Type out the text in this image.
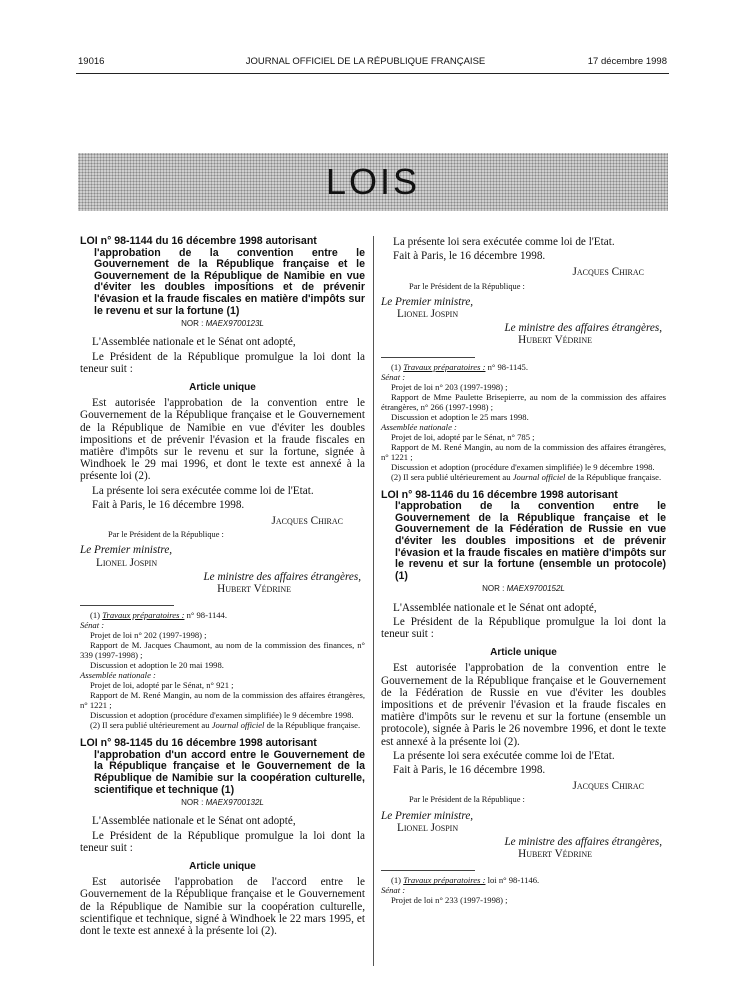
19016	JOURNAL OFFICIEL DE LA RÉPUBLIQUE FRANÇAISE	17 décembre 1998
LOIS

LOI n° 98-1144 du 16 décembre 1998 autorisant
l'approbation de la convention entre le Gouvernement de la République française et le Gouvernement de la République de Namibie en vue d'éviter les doubles impositions et de prévenir l'évasion et la fraude fiscales en matière d'impôts sur le revenu et sur la fortune (1)

NOR : MAEX9700123L

L'Assemblée nationale et le Sénat ont adopté,

Le Président de la République promulgue la loi dont la teneur suit :

Article unique

Est autorisée l'approbation de la convention entre le Gouvernement de la République française et le Gouvernement de la République de Namibie en vue d'éviter les doubles impositions et de prévenir l'évasion et la fraude fiscales en matière d'impôts sur le revenu et sur la fortune, signée à Windhoek le 29 mai 1996, et dont le texte est annexé à la présente loi (2).

La présente loi sera exécutée comme loi de l'Etat.

Fait à Paris, le 16 décembre 1998.

Jacques Chirac

Par le Président de la République :

Le Premier ministre,

Lionel Jospin

Le ministre des affaires étrangères,

Hubert Védrine

(1) Travaux préparatoires : n° 98-1144.
Sénat :
Projet de loi n° 202 (1997-1998) ;
Rapport de M. Jacques Chaumont, au nom de la commission des finances, n° 339 (1997-1998) ;
Discussion et adoption le 20 mai 1998.
Assemblée nationale :
Projet de loi, adopté par le Sénat, n° 921 ;
Rapport de M. René Mangin, au nom de la commission des affaires étrangères, n° 1221 ;
Discussion et adoption (procédure d'examen simplifiée) le 9 décembre 1998.
(2) Il sera publié ultérieurement au Journal officiel de la République française.

LOI n° 98-1145 du 16 décembre 1998 autorisant
l'approbation d'un accord entre le Gouvernement de la République française et le Gouvernement de la République de Namibie sur la coopération culturelle, scientifique et technique (1)

NOR : MAEX9700132L

L'Assemblée nationale et le Sénat ont adopté,

Le Président de la République promulgue la loi dont la teneur suit :

Article unique

Est autorisée l'approbation de l'accord entre le Gouvernement de la République française et le Gouvernement de la République de Namibie sur la coopération culturelle, scientifique et technique, signé à Windhoek le 22 mars 1995, et dont le texte est annexé à la présente loi (2).

La présente loi sera exécutée comme loi de l'Etat.

Fait à Paris, le 16 décembre 1998.

Jacques Chirac

Par le Président de la République :

Le Premier ministre,

Lionel Jospin

Le ministre des affaires étrangères,

Hubert Védrine

(1) Travaux préparatoires : n° 98-1145.
Sénat :
Projet de loi n° 203 (1997-1998) ;
Rapport de Mme Paulette Brisepierre, au nom de la commission des affaires étrangères, n° 266 (1997-1998) ;
Discussion et adoption le 25 mars 1998.
Assemblée nationale :
Projet de loi, adopté par le Sénat, n° 785 ;
Rapport de M. René Mangin, au nom de la commission des affaires étrangères, n° 1221 ;
Discussion et adoption (procédure d'examen simplifiée) le 9 décembre 1998.
(2) Il sera publié ultérieurement au Journal officiel de la République française.

LOI n° 98-1146 du 16 décembre 1998 autorisant
l'approbation de la convention entre le Gouvernement de la République française et le Gouvernement de la Fédération de Russie en vue d'éviter les doubles impositions et de prévenir l'évasion et la fraude fiscales en matière d'impôts sur le revenu et sur la fortune (ensemble un protocole) (1)

NOR : MAEX9700152L

L'Assemblée nationale et le Sénat ont adopté,

Le Président de la République promulgue la loi dont la teneur suit :

Article unique

Est autorisée l'approbation de la convention entre le Gouvernement de la République française et le Gouvernement de la Fédération de Russie en vue d'éviter les doubles impositions et de prévenir l'évasion et la fraude fiscales en matière d'impôts sur le revenu et sur la fortune (ensemble un protocole), signée à Paris le 26 novembre 1996, et dont le texte est annexé à la présente loi (2).

La présente loi sera exécutée comme loi de l'Etat.

Fait à Paris, le 16 décembre 1998.

Jacques Chirac

Par le Président de la République :

Le Premier ministre,

Lionel Jospin

Le ministre des affaires étrangères,

Hubert Védrine

(1) Travaux préparatoires : loi n° 98-1146.
Sénat :
Projet de loi n° 233 (1997-1998) ;
